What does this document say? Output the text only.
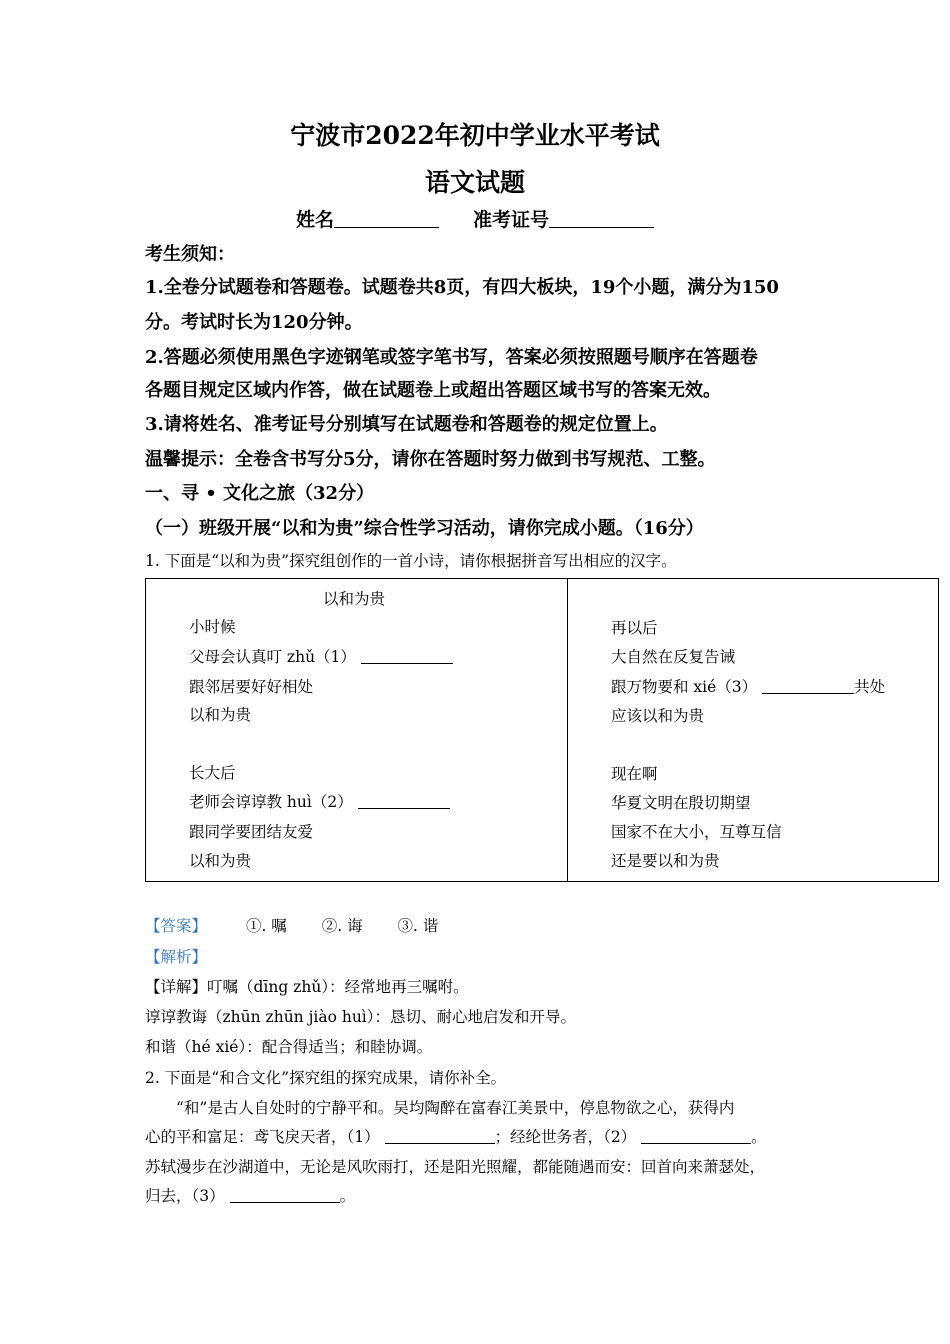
宁波市2022年初中学业水平考试
语文试题
姓名	准考证号
考生须知：
1.全卷分试题卷和答题卷。试题卷共8页，有四大板块，19个小题，满分为150
分。考试时长为120分钟。
2.答题必须使用黑色字迹钢笔或签字笔书写，答案必须按照题号顺序在答题卷
各题目规定区域内作答，做在试题卷上或超出答题区域书写的答案无效。
3.请将姓名、准考证号分别填写在试题卷和答题卷的规定位置上。
温馨提示：全卷含书写分5分，请你在答题时努力做到书写规范、工整。
一、寻 • 文化之旅（32分）
（一）班级开展“以和为贵”综合性学习活动，请你完成小题。（16分）
1. 下面是“以和为贵”探究组创作的一首小诗，请你根据拼音写出相应的汉字。
以和为贵
小时候
父母会认真叮 zhǔ（1）
跟邻居要好好相处
以和为贵
长大后
老师会谆谆教 huì（2）
跟同学要团结友爱
以和为贵
再以后
大自然在反复告诫
跟万物要和 xié（3）	共处
应该以和为贵
现在啊
华夏文明在殷切期望
国家不在大小，互尊互信
还是要以和为贵
【答案】	①. 嘱 ②. 诲 ③. 谐
【解析】
【详解】叮嘱（dīng zhǔ）：经常地再三嘱咐。
谆谆教诲（zhūn zhūn jiào huì）：恳切、耐心地启发和开导。
和谐（hé xié）：配合得适当；和睦协调。
2. 下面是“和合文化”探究组的探究成果，请你补全。
“和”是古人自处时的宁静平和。吴均陶醉在富春江美景中，停息物欲之心，获得内
心的平和富足：鸢飞戾天者，（1）	；经纶世务者，（2）	。
苏轼漫步在沙湖道中，无论是风吹雨打，还是阳光照耀，都能随遇而安：回首向来萧瑟处，
归去，（3）	。
